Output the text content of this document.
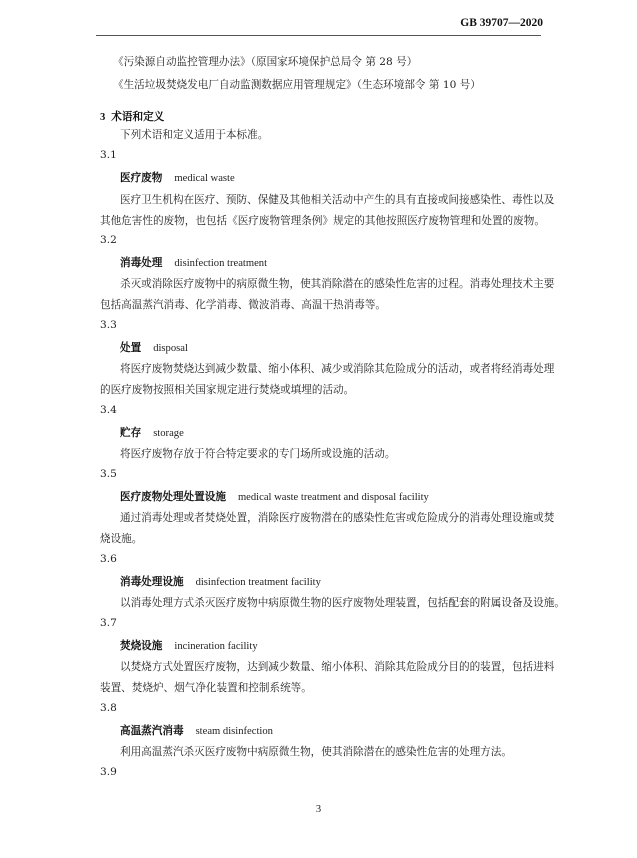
GB 39707—2020
《污染源自动监控管理办法》（原国家环境保护总局令 第 28 号）
《生活垃圾焚烧发电厂自动监测数据应用管理规定》（生态环境部令 第 10 号）
3 术语和定义
下列术语和定义适用于本标准。
3.1
医疗废物 medical waste
医疗卫生机构在医疗、预防、保健及其他相关活动中产生的具有直接或间接感染性、毒性以及
其他危害性的废物，也包括《医疗废物管理条例》规定的其他按照医疗废物管理和处置的废物。
3.2
消毒处理 disinfection treatment
杀灭或消除医疗废物中的病原微生物，使其消除潜在的感染性危害的过程。消毒处理技术主要
包括高温蒸汽消毒、化学消毒、微波消毒、高温干热消毒等。
3.3
处置 disposal
将医疗废物焚烧达到减少数量、缩小体积、减少或消除其危险成分的活动，或者将经消毒处理
的医疗废物按照相关国家规定进行焚烧或填埋的活动。
3.4
贮存 storage
将医疗废物存放于符合特定要求的专门场所或设施的活动。
3.5
医疗废物处理处置设施 medical waste treatment and disposal facility
通过消毒处理或者焚烧处置，消除医疗废物潜在的感染性危害或危险成分的消毒处理设施或焚
烧设施。
3.6
消毒处理设施 disinfection treatment facility
以消毒处理方式杀灭医疗废物中病原微生物的医疗废物处理装置，包括配套的附属设备及设施。
3.7
焚烧设施 incineration facility
以焚烧方式处置医疗废物，达到减少数量、缩小体积、消除其危险成分目的的装置，包括进料
装置、焚烧炉、烟气净化装置和控制系统等。
3.8
高温蒸汽消毒 steam disinfection
利用高温蒸汽杀灭医疗废物中病原微生物，使其消除潜在的感染性危害的处理方法。
3.9
3
